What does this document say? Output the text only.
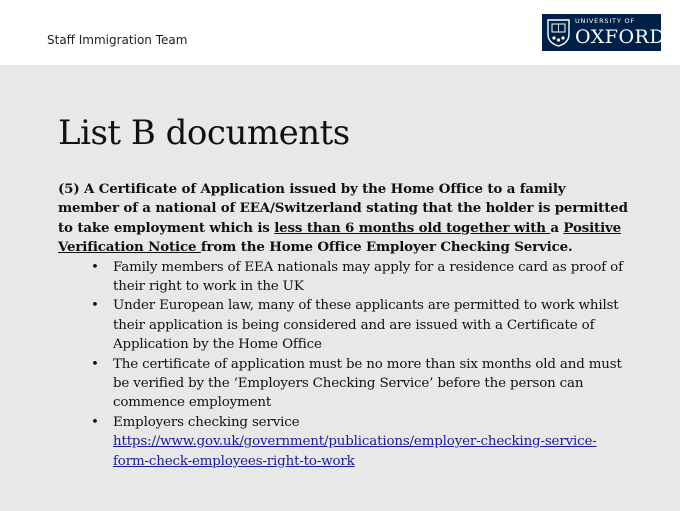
Staff Immigration Team
UNIVERSITY OF
OXFORD
List B documents

(5) A Certificate of Application issued by the Home Office to a family member of a national of EEA/Switzerland stating that the holder is permitted to take employment which is less than 6 months old together with a Positive Verification Notice from the Home Office Employer Checking Service.

• Family members of EEA nationals may apply for a residence card as proof of their right to work in the UK
• Under European law, many of these applicants are permitted to work whilst their application is being considered and are issued with a Certificate of Application by the Home Office
• The certificate of application must be no more than six months old and must be verified by the ‘Employers Checking Service’ before the person can commence employment
• Employers checking service
https://www.gov.uk/government/publications/employer-checking-service-form-check-employees-right-to-work
